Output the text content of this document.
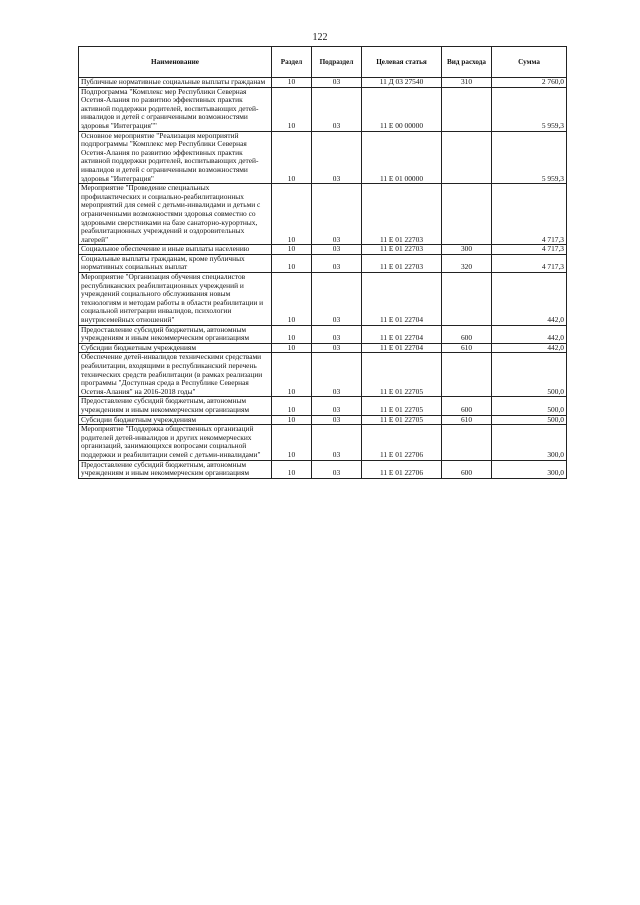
122
Наименование	Раздел	Подраздел	Целевая статья	Вид расхода	Сумма
Публичные нормативные социальные выплаты гражданам	10	03	11 Д 03 27540	310	2 760,0
Подпрограмма "Комплекс мер Республики Северная Осетия-Алания по развитию эффективных практик активной поддержки родителей, воспитывающих детей-инвалидов и детей с ограниченными возможностями здоровья "Интеграция""	10	03	11 Е 00 00000		5 959,3
Основное мероприятие "Реализация мероприятий подпрограммы "Комплекс мер Республики Северная Осетия-Алания по развитию эффективных практик активной поддержки родителей, воспитывающих детей-инвалидов и детей с ограниченными возможностями здоровья "Интеграция"	10	03	11 Е 01 00000		5 959,3
Мероприятие "Проведение специальных профилактических и социально-реабилитационных мероприятий для семей с детьми-инвалидами и детьми с ограниченными возможностями здоровья совместно со здоровыми сверстниками на базе санаторно-курортных, реабилитационных учреждений и оздоровительных лагерей"	10	03	11 Е 01 22703		4 717,3
Социальное обеспечение и иные выплаты населению	10	03	11 Е 01 22703	300	4 717,3
Социальные выплаты гражданам, кроме публичных нормативных социальных выплат	10	03	11 Е 01 22703	320	4 717,3
Мероприятие "Организация обучения специалистов республиканских реабилитационных учреждений и учреждений социального обслуживания новым технологиям и методам работы в области реабилитации и социальной интеграции инвалидов, психологии внутрисемейных отношений"	10	03	11 Е 01 22704		442,0
Предоставление субсидий бюджетным, автономным учреждениям и иным некоммерческим организациям	10	03	11 Е 01 22704	600	442,0
Субсидии бюджетным учреждениям	10	03	11 Е 01 22704	610	442,0
Обеспечение детей-инвалидов техническими средствами реабилитации, входящими в республиканский перечень технических средств реабилитации (в рамках реализации программы "Доступная среда в Республике Северная Осетия-Алания" на 2016-2018 годы"	10	03	11 Е 01 22705		500,0
Предоставление субсидий бюджетным, автономным учреждениям и иным некоммерческим организациям	10	03	11 Е 01 22705	600	500,0
Субсидии бюджетным учреждениям	10	03	11 Е 01 22705	610	500,0
Мероприятие "Поддержка общественных организаций родителей детей-инвалидов и других некоммерческих организаций, занимающихся вопросами социальной поддержки и реабилитации семей с детьми-инвалидами"	10	03	11 Е 01 22706		300,0
Предоставление субсидий бюджетным, автономным учреждениям и иным некоммерческим организациям	10	03	11 Е 01 22706	600	300,0
